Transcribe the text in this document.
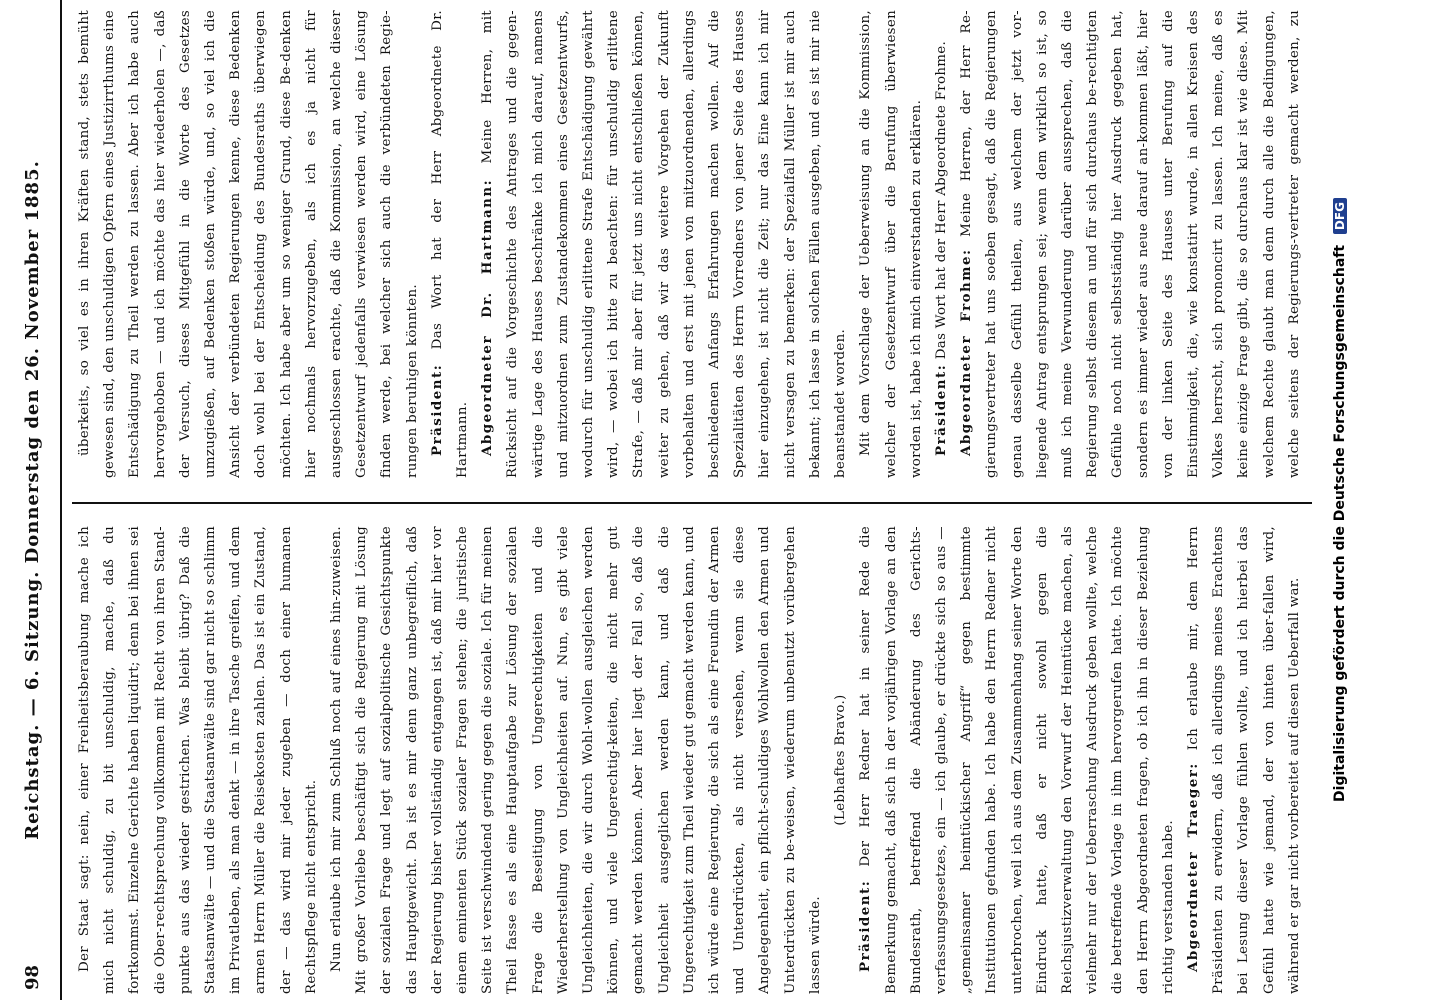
98
Reichstag. — 6. Sitzung. Donnerstag den 26. November 1885.	Der Staat sagt: nein, einer Freiheitsberaubung mache ich mich nicht schuldig, zu bit unschuldig, mache, daß du fortkommst. Einzelne Gerichte haben liquidirt; denn bei ihnen sei die Ober-rechtsprechung vollkommen mit Recht von ihren Stand-punkte aus das wieder gestrichen. Was bleibt übrig? Daß die Staatsanwälte — und die Staatsanwälte sind gar nicht so schlimm im Privatleben, als man denkt — in ihre Tasche greifen, und dem armen Herrn Müller die Reisekosten zahlen. Das ist ein Zustand, der — das wird mir jeder zugeben — doch einer humanen Rechtspflege nicht entspricht. Nun erlaube ich mir zum Schluß noch auf eines hin-zuweisen. Mit großer Vorliebe beschäftigt sich die Regierung mit Lösung der sozialen Frage und legt auf sozialpolitische Gesichtspunkte das Hauptgewicht. Da ist es mir denn ganz unbegreiflich, daß der Regierung bisher vollständig entgangen ist, daß mir hier vor einem eminenten Stück sozialer Fragen stehen; die juristische Seite ist verschwindend gering gegen die soziale. Ich für meinen Theil fasse es als eine Hauptaufgabe zur Lösung der sozialen Frage die Beseitigung von Ungerechtigkeiten und die Wiederherstellung von Ungleichheiten auf. Nun, es gibt viele Ungleichheiten, die wir durch Wohl-wollen ausgleichen werden können, und viele Ungerechtig-keiten, die nicht mehr gut gemacht werden können. Aber hier liegt der Fall so, daß die Ungleichheit ausgeglichen werden kann, und daß die Ungerechtigkeit zum Theil wieder gut gemacht werden kann, und ich würde eine Regierung, die sich als eine Freundin der Armen und Unterdrückten, als nicht versehen, wenn sie diese Angelegenheit, ein pflicht-schuldiges Wohlwollen den Armen und Unterdrückten zu be-weisen, wiederum unbenutzt vorübergehen lassen würde.

(Lebhaftes Bravo.)

Präsident: Der Herr Redner hat in seiner Rede die Bemerkung gemacht, daß sich in der vorjährigen Vorlage an den Bundesrath, betreffend die Abänderung des Gerichts-verfassungsgesetzes, ein — ich glaube, er drückte sich so aus — „gemeinsamer heimtückischer Angriff“ gegen bestimmte Institutionen gefunden habe. Ich habe den Herrn Redner nicht unterbrochen, weil ich aus dem Zusammenhang seiner Worte den Eindruck hatte, daß er nicht sowohl gegen die Reichsjustizverwaltung den Vorwurf der Heimtücke machen, als vielmehr nur der Ueberraschung Ausdruck geben wollte, welche die betreffende Vorlage in ihm hervorgerufen hatte. Ich möchte den Herrn Abgeordneten fragen, ob ich ihn in dieser Beziehung richtig verstanden habe. Abgeordneter Traeger: Ich erlaube mir, dem Herrn Präsidenten zu erwidern, daß ich allerdings meines Erachtens bei Lesung dieser Vorlage fühlen wollte, und ich hierbei das Gefühl hatte wie jemand, der von hinten über-fallen wird, während er gar nicht vorbereitet auf diesen Ueberfall war.

überkeits, so viel es in ihren Kräften stand, stets bemüht gewesen sind, den unschuldigen Opfern eines Justizirrthums eine Entschädigung zu Theil werden zu lassen. Aber ich habe auch hervorgehoben — und ich möchte das hier wiederholen —, daß der Versuch, dieses Mitgefühl in die Worte des Gesetzes umzugießen, auf Bedenken stoßen würde, und, so viel ich die Ansicht der verbündeten Regierungen kenne, diese Bedenken doch wohl bei der Entscheidung des Bundesraths überwiegen möchten. Ich habe aber um so weniger Grund, diese Be-denken hier nochmals hervorzugeben, als ich es ja nicht für ausgeschlossen erachte, daß die Kommission, an welche dieser Gesetzentwurf jedenfalls verwiesen werden wird, eine Lösung finden werde, bei welcher sich auch die verbündeten Regie-rungen beruhigen könnten. Präsident: Das Wort hat der Herr Abgeordnete Dr. Hartmann. Abgeordneter Dr. Hartmann: Meine Herren, mit Rücksicht auf die Vorgeschichte des Antrages und die gegen-wärtige Lage des Hauses beschränke ich mich darauf, namens und mitzuordnen zum Zustandekommen eines Gesetzentwurfs, wodurch für unschuldig erlittene Strafe Entschädigung gewährt wird, — wobei ich bitte zu beachten: für unschuldig erlittene Strafe, — daß mir aber für jetzt uns nicht entschließen können, weiter zu gehen, daß wir das weitere Vorgehen der Zukunft vorbehalten und erst mit jenen von mitzuordnenden, allerdings beschiedenen Anfangs Erfahrungen machen wollen. Auf die Spezialitäten des Herrn Vorredners von jener Seite des Hauses hier einzugehen, ist nicht die Zeit; nur das Eine kann ich mir nicht versagen zu bemerken: der Spezialfall Müller ist mir auch bekannt; ich lasse in solchen Fällen ausgeben, und es ist mir nie beanstandet worden. Mit dem Vorschlage der Ueberweisung an die Kommission, welcher der Gesetzentwurf über die Berufung überwiesen worden ist, habe ich mich einverstanden zu erklären. Präsident: Das Wort hat der Herr Abgeordnete Frohme. Abgeordneter Frohme: Meine Herren, der Herr Re-gierungsvertreter hat uns soeben gesagt, daß die Regierungen genau dasselbe Gefühl theilen, aus welchem der jetzt vor-liegende Antrag entsprungen sei; wenn dem wirklich so ist, so muß ich meine Verwunderung darüber aussprechen, daß die Regierung selbst diesem an und für sich durchaus be-rechtigten Gefühle noch nicht selbstständig hier Ausdruck gegeben hat, sondern es immer wieder aus neue darauf an-kommen läßt, hier von der linken Seite des Hauses unter Berufung auf die Einstimmigkeit, die, wie konstatirt wurde, in allen Kreisen des Volkes herrscht, sich prononcirt zu lassen. Ich meine, daß es keine einzige Frage gibt, die so durchaus klar ist wie diese. Mit welchem Rechte glaubt man denn durch alle die Bedingungen, welche seitens der Regierungs-vertreter gemacht werden, zu

Digitalisierung gefördert durch die Deutsche Forschungsgemeinschaft DFG
